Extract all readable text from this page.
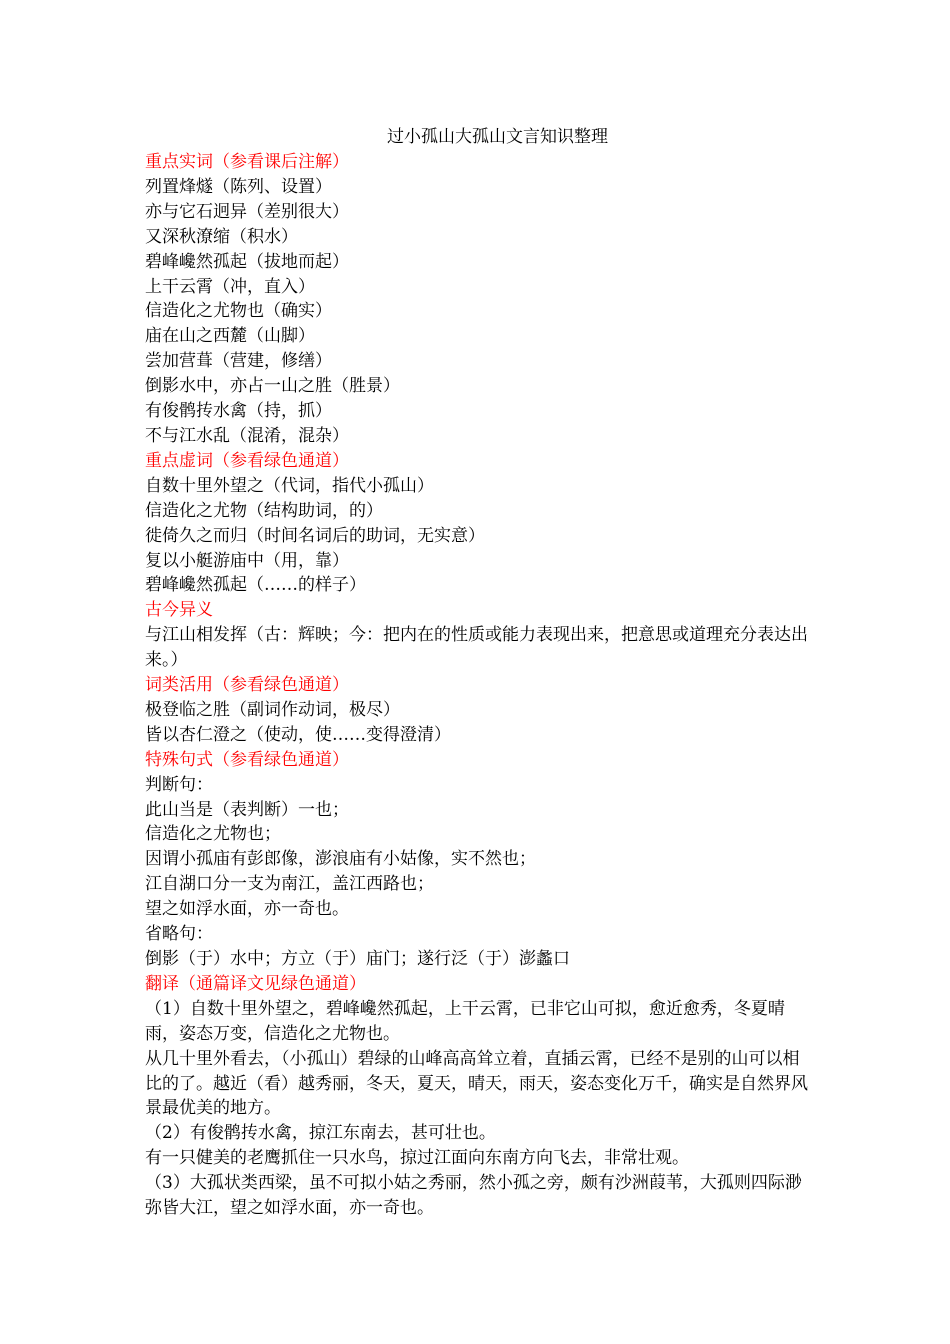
过小孤山大孤山文言知识整理

重点实词（参看课后注解）

列置烽燧（陈列、设置）

亦与它石迥异（差别很大）

又深秋潦缩（积水）

碧峰巉然孤起（拔地而起）

上干云霄（冲，直入）

信造化之尤物也（确实）

庙在山之西麓（山脚）

尝加营葺（营建，修缮）

倒影水中，亦占一山之胜（胜景）

有俊鹘抟水禽（持，抓）

不与江水乱（混淆，混杂）

重点虚词（参看绿色通道）

自数十里外望之（代词，指代小孤山）

信造化之尤物（结构助词，的）

徙倚久之而归（时间名词后的助词，无实意）

复以小艇游庙中（用，靠）

碧峰巉然孤起（……的样子）

古今异义

与江山相发挥（古：辉映；今：把内在的性质或能力表现出来，把意思或道理充分表达出来。）

词类活用（参看绿色通道）

极登临之胜（副词作动词，极尽）

皆以杏仁澄之（使动，使……变得澄清）

特殊句式（参看绿色通道）

判断句：

此山当是（表判断）一也；

信造化之尤物也；

因谓小孤庙有彭郎像，澎浪庙有小姑像，实不然也；

江自湖口分一支为南江，盖江西路也；

望之如浮水面，亦一奇也。

省略句：

倒影（于）水中；方立（于）庙门；遂行泛（于）澎蠡口

翻译（通篇译文见绿色通道）

（1）自数十里外望之，碧峰巉然孤起，上干云霄，已非它山可拟，愈近愈秀，冬夏晴雨，姿态万变，信造化之尤物也。

从几十里外看去，（小孤山）碧绿的山峰高高耸立着，直插云霄，已经不是别的山可以相比的了。越近（看）越秀丽，冬天，夏天，晴天，雨天，姿态变化万千，确实是自然界风景最优美的地方。

（2）有俊鹘抟水禽，掠江东南去，甚可壮也。

有一只健美的老鹰抓住一只水鸟，掠过江面向东南方向飞去，非常壮观。

（3）大孤状类西梁，虽不可拟小姑之秀丽，然小孤之旁，颇有沙洲葭苇，大孤则四际渺弥皆大江，望之如浮水面，亦一奇也。
